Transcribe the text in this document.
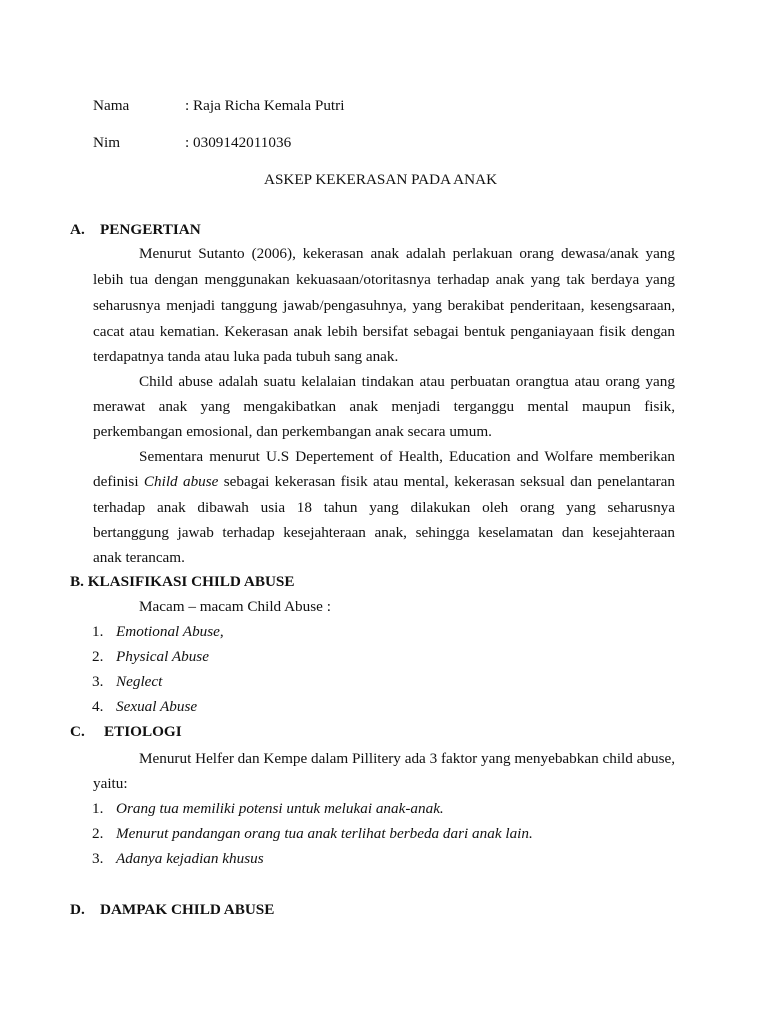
Nama	: Raja Richa Kemala Putri
Nim	: 0309142011036
ASKEP KEKERASAN PADA ANAK
A. PENGERTIAN
Menurut Sutanto (2006), kekerasan anak adalah perlakuan orang dewasa/anak yang
lebih tua dengan menggunakan kekuasaan/otoritasnya terhadap anak yang tak berdaya yang
seharusnya menjadi tanggung jawab/pengasuhnya, yang berakibat penderitaan, kesengsaraan,
cacat atau kematian. Kekerasan anak lebih bersifat sebagai bentuk penganiayaan fisik dengan
terdapatnya tanda atau luka pada tubuh sang anak.
Child abuse adalah suatu kelalaian tindakan atau perbuatan orangtua atau orang yang
merawat anak yang mengakibatkan anak menjadi terganggu mental maupun fisik,
perkembangan emosional, dan perkembangan anak secara umum.
Sementara menurut U.S Depertement of Health, Education and Wolfare memberikan
definisi Child abuse sebagai kekerasan fisik atau mental, kekerasan seksual dan penelantaran
terhadap anak dibawah usia 18 tahun yang dilakukan oleh orang yang seharusnya
bertanggung jawab terhadap kesejahteraan anak, sehingga keselamatan dan kesejahteraan
anak terancam.
B. KLASIFIKASI CHILD ABUSE
Macam – macam Child Abuse :
1. Emotional Abuse,
2. Physical Abuse
3. Neglect
4. Sexual Abuse
C. ETIOLOGI
Menurut Helfer dan Kempe dalam Pillitery ada 3 faktor yang menyebabkan child abuse,
yaitu:
1. Orang tua memiliki potensi untuk melukai anak-anak.
2. Menurut pandangan orang tua anak terlihat berbeda dari anak lain.
3. Adanya kejadian khusus
D. DAMPAK CHILD ABUSE
